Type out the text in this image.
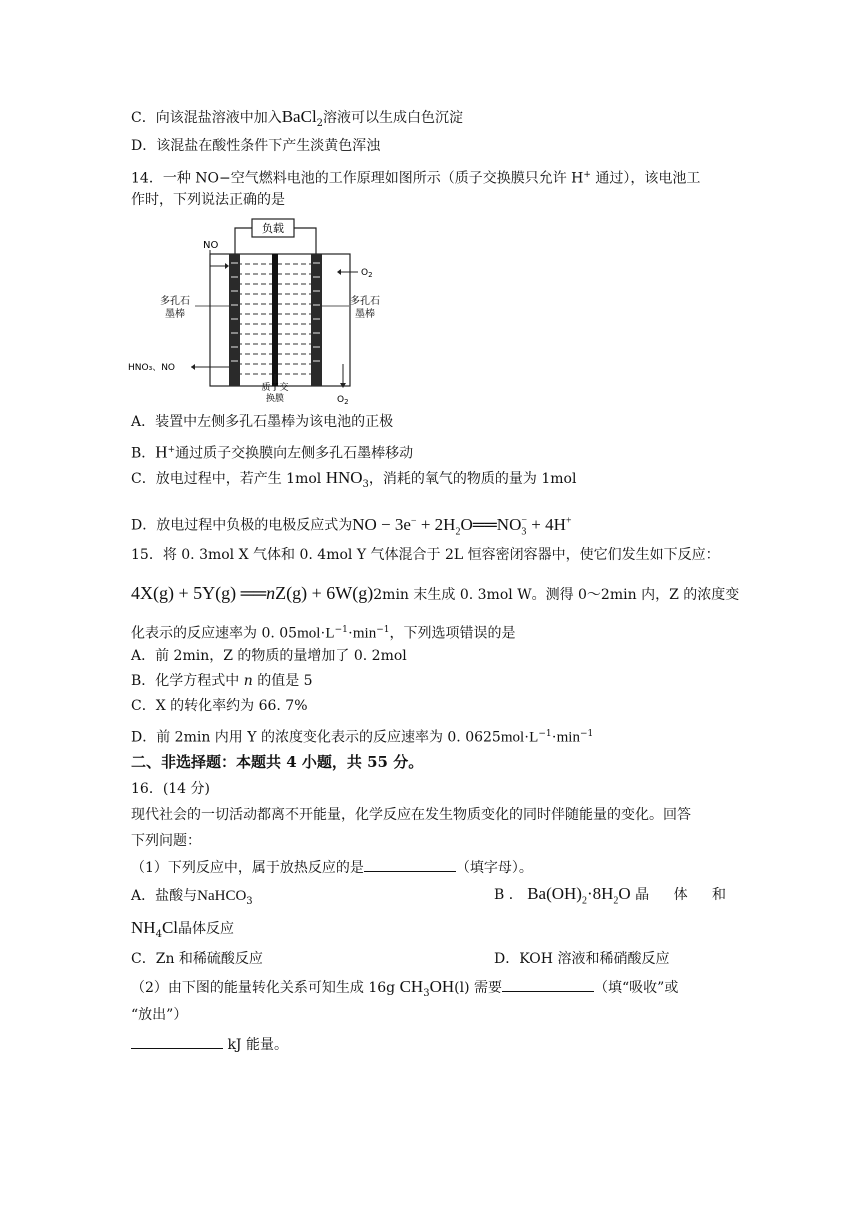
C．向该混盐溶液中加入BaCl$_2$溶液可以生成白色沉淀
D．该混盐在酸性条件下产生淡黄色浑浊
14．一种 NO−空气燃料电池的工作原理如图所示（质子交换膜只允许 H+ 通过），该电池工
作时，下列说法正确的是
负载
NO
$O_2$
多孔石
墨棒
多孔石
墨棒
HNO₃、NO
$O_2$
质子交
换膜
A．装置中左侧多孔石墨棒为该电池的正极
B．H+通过质子交换膜向左侧多孔石墨棒移动
C．放电过程中，若产生 1mol $HNO_3$，消耗的氧气的物质的量为 1mol
D．放电过程中负极的电极反应式为NO − $3e^- + 2H_2O══NO_3^- + 4H^+$
15．将 0. 3mol X 气体和 0. 4mol Y 气体混合于 2L 恒容密闭容器中，使它们发生如下反应：
4X(g) + 5Y(g) ══nZ(g) + 6W(g)2min 末生成 0. 3mol W。测得 0～2min 内，Z 的浓度变
化表示的反应速率为 0. $05mol\cdot L^{-1}\cdot\min^{-1}$，下列选项错误的是
A．前 2min，Z 的物质的量增加了 0. 2mol
B．化学方程式中 n 的值是 5
C．X 的转化率约为 66. 7%
D．前 2min 内用 Y 的浓度变化表示的反应速率为 0. $0625mol\cdot L^{-1}\cdot\min^{-1}$
二、非选择题：本题共 4 小题，共 55 分。
16．(14 分)
现代社会的一切活动都离不开能量，化学反应在发生物质变化的同时伴随能量的变化。回答
下列问题：
（1）下列反应中，属于放热反应的是	（填字母）。
A．盐酸与NaHCO$_3$	B ． $Ba(OH)_2\cdot 8H_2O$ 晶 体 和
$NH_4Cl$晶体反应
C．Zn 和稀硫酸反应	D．KOH 溶液和稀硝酸反应
（2）由下图的能量转化关系可知生成 16g $CH_3OH(l)$ 需要	（填“吸收”或
“放出”）
kJ 能量。
